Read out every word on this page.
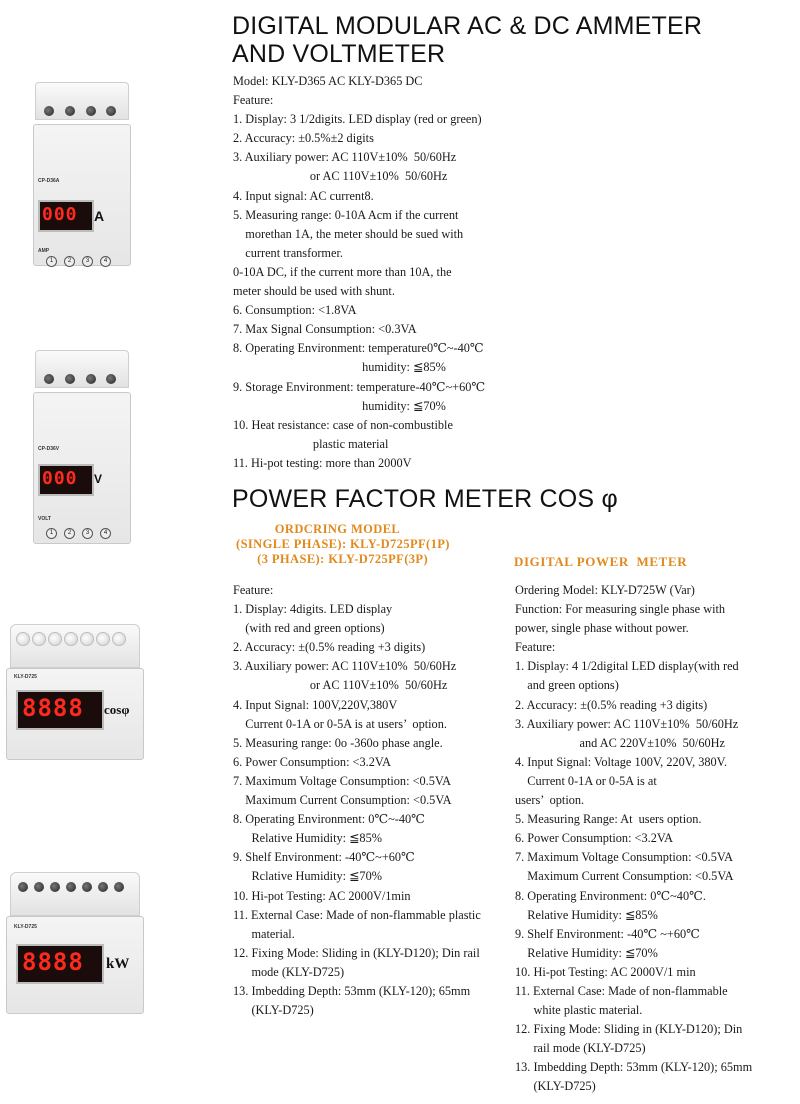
DIGITAL MODULAR AC & DC AMMETER
AND VOLTMETER
POWER FACTOR METER COS φ
Model: KLY-D365 AC KLY-D365 DC
Feature:
1. Display: 3 1/2digits. LED display (red or green)
2. Accuracy: ±0.5%±2 digits
3. Auxiliary power: AC 110V±10%  50/60Hz
or AC 110V±10%  50/60Hz
4. Input signal: AC current8.
5. Measuring range: 0-10A Acm if the current
morethan 1A, the meter should be sued with
current transformer.
0-10A DC, if the current more than 10A, the
meter should be used with shunt.
6. Consumption: <1.8VA
7. Max Signal Consumption: <0.3VA
8. Operating Environment: temperature0℃~-40℃
humidity: ≦85%
9. Storage Environment: temperature-40℃~+60℃
humidity: ≦70%
10. Heat resistance: case of non-combustible
plastic material
11. Hi-pot testing: more than 2000V
ORDCRING MODEL
(SINGLE PHASE): KLY-D725PF(1P)
(3 PHASE): KLY-D725PF(3P)	DIGITAL POWER  METER
Feature:
1. Display: 4digits. LED display
(with red and green options)
2. Accuracy: ±(0.5% reading +3 digits)
3. Auxiliary power: AC 110V±10%  50/60Hz
or AC 110V±10%  50/60Hz
4. Input Signal: 100V,220V,380V
Current 0-1A or 0-5A is at users’  option.
5. Measuring range: 0o -360o phase angle.
6. Power Consumption: <3.2VA
7. Maximum Voltage Consumption: <0.5VA
Maximum Current Consumption: <0.5VA
8. Operating Environment: 0℃~-40℃
Relative Humidity: ≦85%
9. Shelf Environment: -40℃~+60℃
Rclative Humidity: ≦70%
10. Hi-pot Testing: AC 2000V/1min
11. External Case: Made of non-flammable plastic
material.
12. Fixing Mode: Sliding in (KLY-D120); Din rail
mode (KLY-D725)
13. Imbedding Depth: 53mm (KLY-120); 65mm
(KLY-D725)
Ordering Model: KLY-D725W (Var)
Function: For measuring single phase with
power, single phase without power.
Feature:
1. Display: 4 1/2digital LED display(with red
and green options)
2. Accuracy: ±(0.5% reading +3 digits)
3. Auxiliary power: AC 110V±10%  50/60Hz
and AC 220V±10%  50/60Hz
4. Input Signal: Voltage 100V, 220V, 380V.
Current 0-1A or 0-5A is at
users’  option.
5. Measuring Range: At  users option.
6. Power Consumption: <3.2VA
7. Maximum Voltage Consumption: <0.5VA
Maximum Current Consumption: <0.5VA
8. Operating Environment: 0℃~40℃.
Relative Humidity: ≦85%
9. Shelf Environment: -40℃ ~+60℃
Relative Humidity: ≦70%
10. Hi-pot Testing: AC 2000V/1 min
11. External Case: Made of non-flammable
white plastic material.
12. Fixing Mode: Sliding in (KLY-D120); Din
rail mode (KLY-D725)
13. Imbedding Depth: 53mm (KLY-120); 65mm
(KLY-D725)
CP-D36A
000 A
AMP
1	2	3	4
CP-D36V
000 V
VOLT
1	2	3	4
KLY-D725
8888 cosφ
KLY-D725
8888 kW
